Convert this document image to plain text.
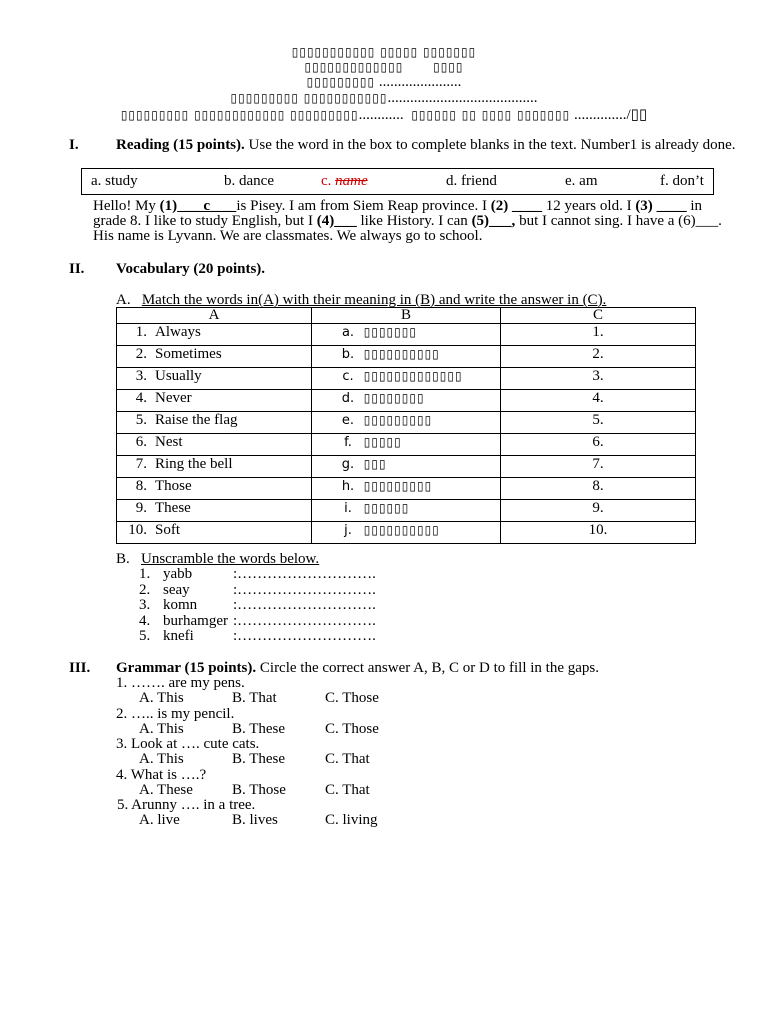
▯▯▯▯▯▯▯▯▯▯▯ ▯▯▯▯▯ ▯▯▯▯▯▯▯
▯▯▯▯▯▯▯▯▯▯▯▯▯ ▯▯▯▯
▯▯▯▯▯▯▯▯▯ ......................
▯▯▯▯▯▯▯▯▯ ▯▯▯▯▯▯▯▯▯▯▯........................................
▯▯▯▯▯▯▯▯▯ ▯▯▯▯▯▯▯▯▯▯▯▯ ▯▯▯▯▯▯▯▯▯............ ▯▯▯▯▯▯ ▯▯ ▯▯▯▯ ▯▯▯▯▯▯▯ ............../▯▯
I. Reading (15 points). Use the word in the box to complete blanks in the text. Number1 is already done.
a. study	b. dance	c. name	d. friend	e. am	f. don’t
Hello! My (1) ___c___ is Pisey. I am from Siem Reap province. I (2) ____ 12 years old. I (3) ____ in grade 8. I like to study English, but I (4)___ like History. I can (5)___, but I cannot sing. I have a (6)___. His name is Lyvann. We are classmates. We always go to school.
II. Vocabulary (20 points).
A. Match the words in(A) with their meaning in (B) and write the answer in (C).
A	B	C
1. Always	a. ▯▯▯▯▯▯▯	1.
2. Sometimes	b. ▯▯▯▯▯▯▯▯▯▯	2.
3. Usually	c. ▯▯▯▯▯▯▯▯▯▯▯▯▯	3.
4. Never	d. ▯▯▯▯▯▯▯▯	4.
5. Raise the flag	e. ▯▯▯▯▯▯▯▯▯	5.
6. Nest	f. ▯▯▯▯▯	6.
7. Ring the bell	g. ▯▯▯	7.
8. Those	h. ▯▯▯▯▯▯▯▯▯	8.
9. These	i. ▯▯▯▯▯▯	9.
10. Soft	j. ▯▯▯▯▯▯▯▯▯▯	10.
B. Unscramble the words below.
1. yabb	:……………………….
2. seay	:……………………….
3. komn :……………………….
4. burhamger :……………………….
5. knefi	:……………………….
III. Grammar (15 points). Circle the correct answer A, B, C or D to fill in the gaps.
1. ……. are my pens.
A. This	B. That	C. Those
2. ….. is my pencil.
A. This	B. These	C. Those
3. Look at …. cute cats.
A. This	B. These	C. That
4. What is ….?
A. These	B. Those	C. That
5. Arunny …. in a tree.
A. live	B. lives	C. living
